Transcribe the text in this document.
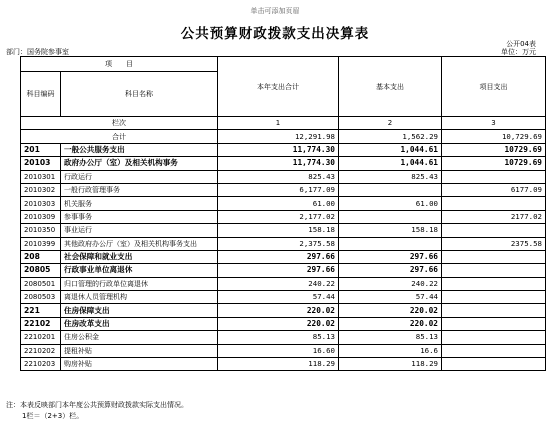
单击可添加页眉
公共预算财政拨款支出决算表
公开04表
部门：国务院参事室	单位：万元
项　　目		本年支出合计	基本支出	项目支出
科目编码	科目名称			
栏次		1	2	3
合计		12,291.98	1,562.29	10,729.69
201	一般公共服务支出	11,774.30	1,044.61	10729.69
20103	政府办公厅（室）及相关机构事务	11,774.30	1,044.61	10729.69
2010301	行政运行	825.43	825.43	
2010302	一般行政管理事务	6,177.09		6177.09
2010303	机关服务	61.00	61.00	
2010309	参事事务	2,177.02		2177.02
2010350	事业运行	158.18	158.18	
2010399	其他政府办公厅（室）及相关机构事务支出	2,375.58		2375.58
208	社会保障和就业支出	297.66	297.66	
20805	行政事业单位离退休	297.66	297.66	
2080501	归口管理的行政单位离退休	240.22	240.22	
2080503	离退休人员管理机构	57.44	57.44	
221	住房保障支出	220.02	220.02	
22102	住房改革支出	220.02	220.02	
2210201	住房公积金	85.13	85.13	
2210202	提租补贴	16.60	16.6	
2210203	购房补贴	118.29	118.29	
注：本表反映部门本年度公共预算财政拨款实际支出情况。
1栏＝（2+3）栏。
